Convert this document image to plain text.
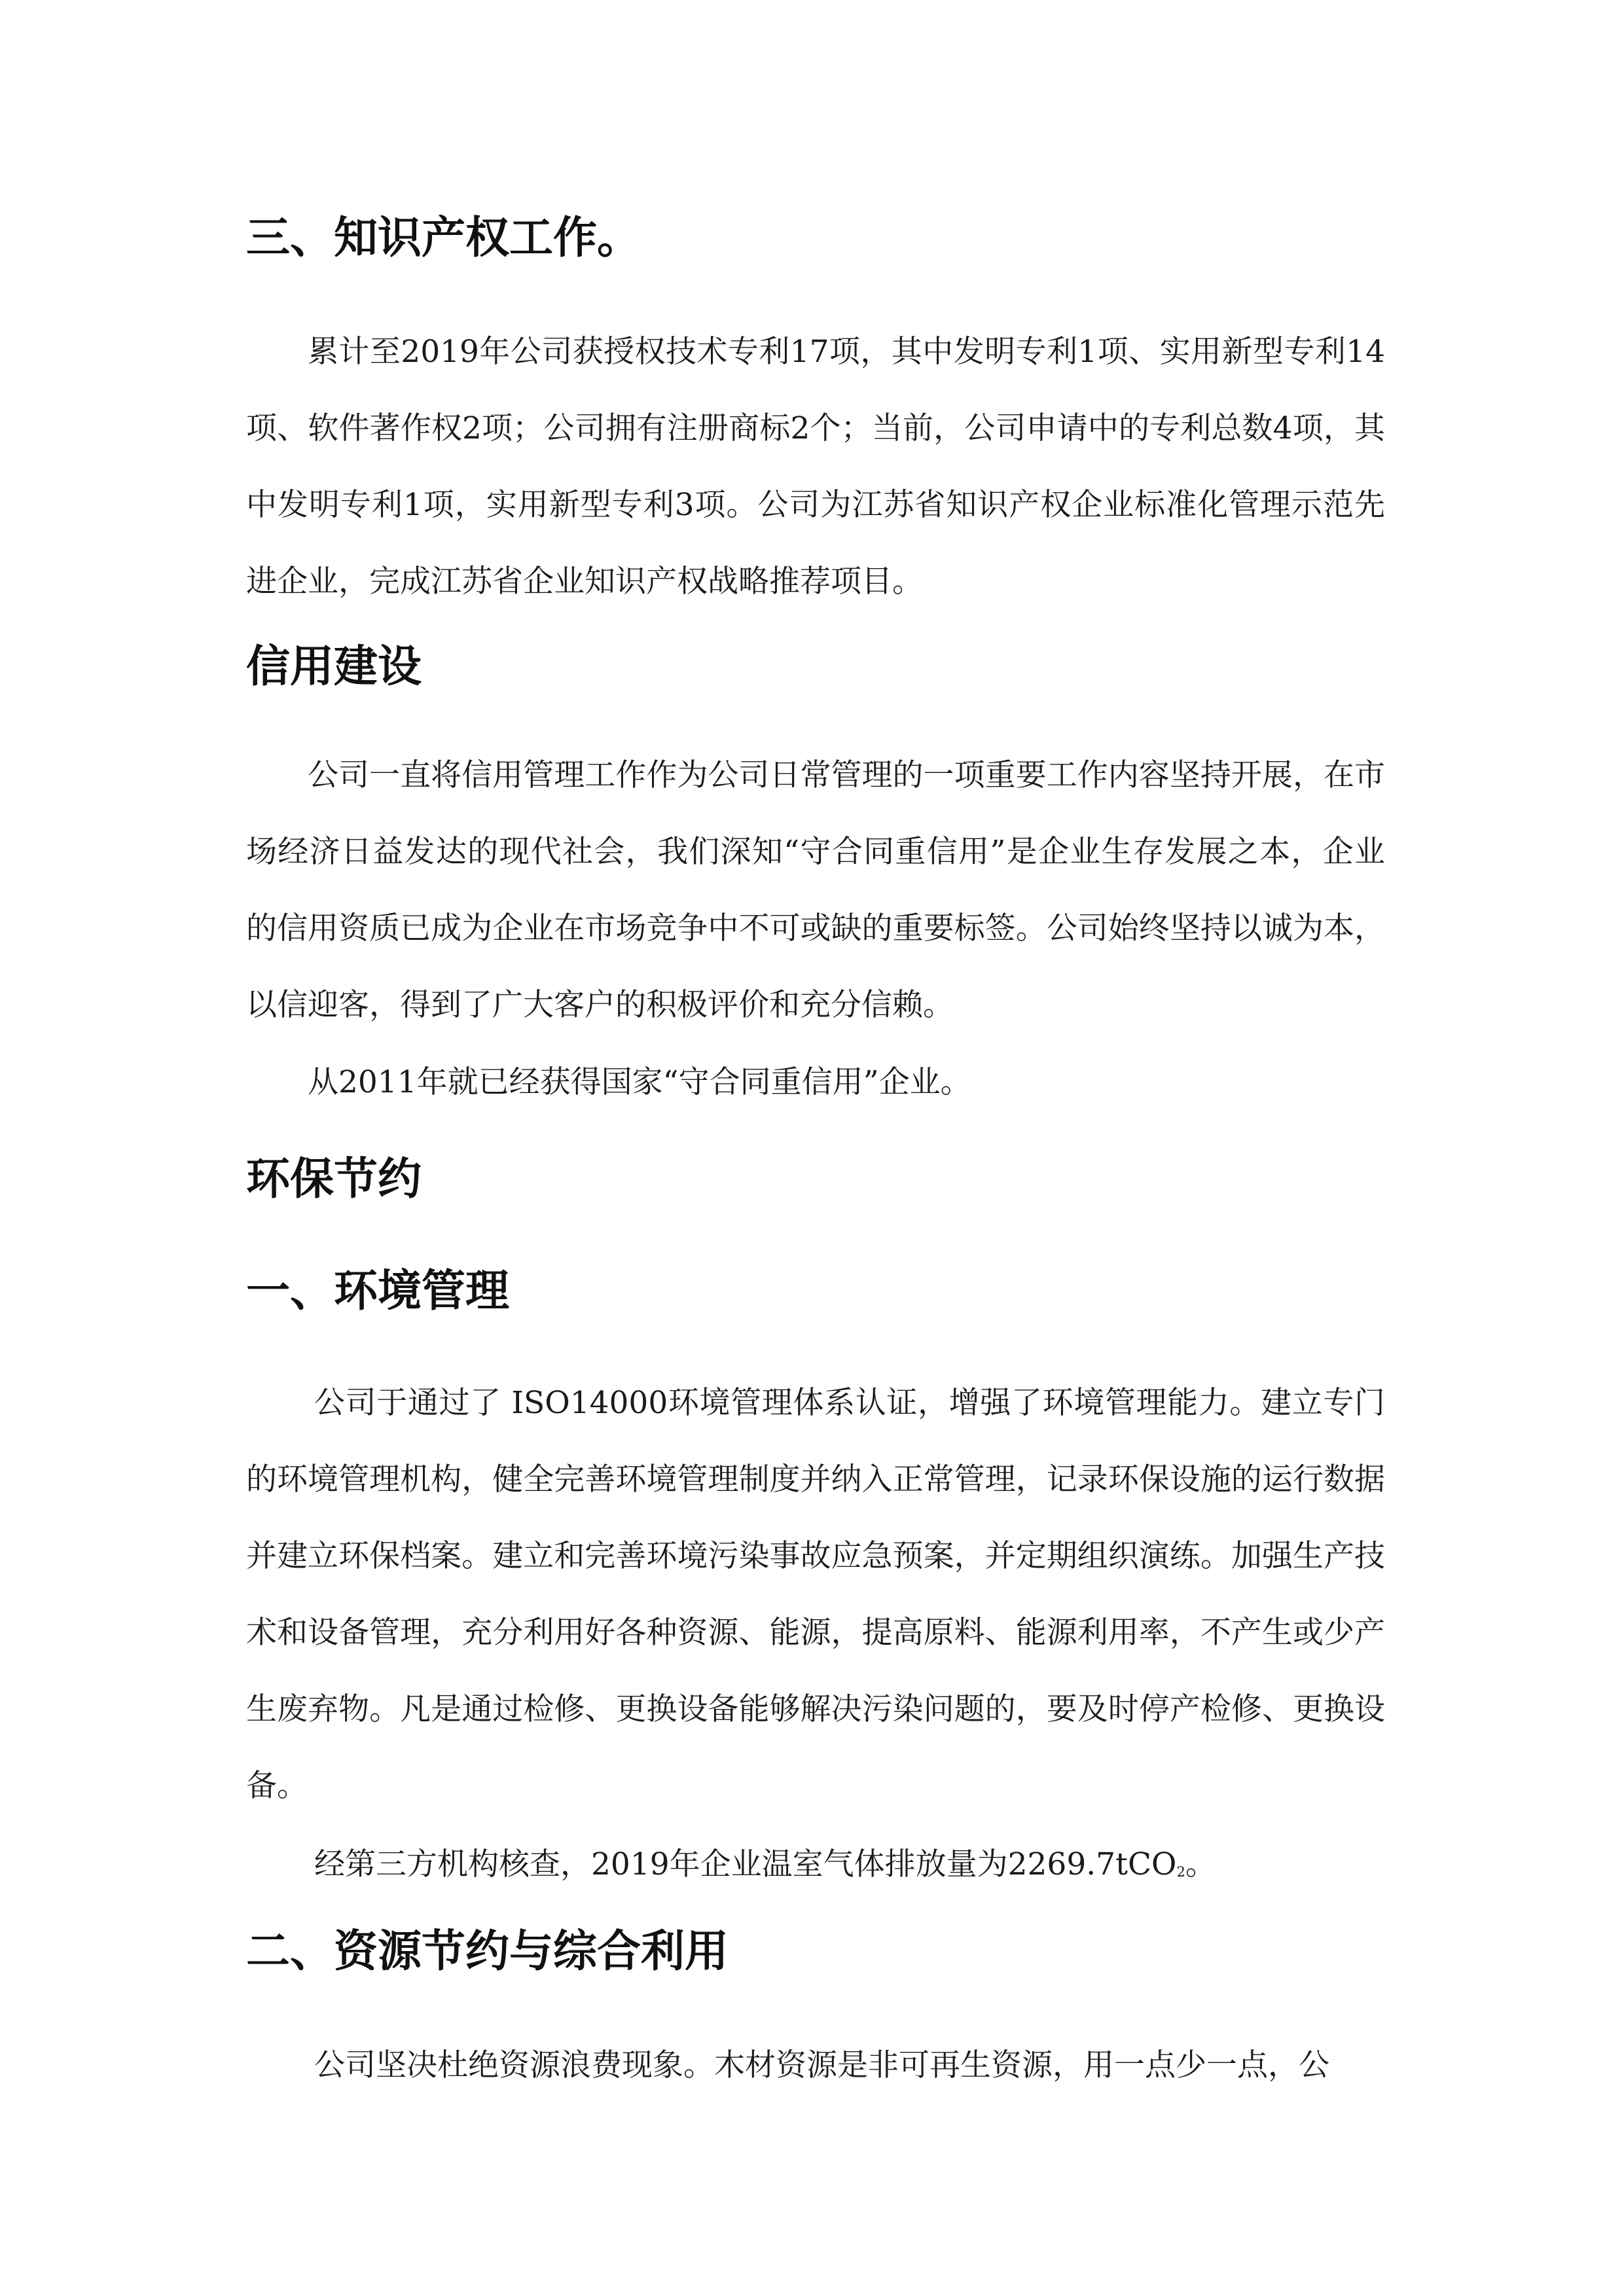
三、知识产权工作。

累计至2019年公司获授权技术专利17项，其中发明专利1项、实用新型专利14项、软件著作权2项；公司拥有注册商标2个；当前，公司申请中的专利总数4项，其中发明专利1项，实用新型专利3项。公司为江苏省知识产权企业标准化管理示范先进企业，完成江苏省企业知识产权战略推荐项目。

信用建设

公司一直将信用管理工作作为公司日常管理的一项重要工作内容坚持开展，在市场经济日益发达的现代社会，我们深知“守合同重信用”是企业生存发展之本，企业的信用资质已成为企业在市场竞争中不可或缺的重要标签。公司始终坚持以诚为本，以信迎客，得到了广大客户的积极评价和充分信赖。

从2011年就已经获得国家“守合同重信用”企业。

环保节约
一、环境管理

公司于通过了 ISO14000环境管理体系认证，增强了环境管理能力。建立专门的环境管理机构，健全完善环境管理制度并纳入正常管理，记录环保设施的运行数据并建立环保档案。建立和完善环境污染事故应急预案，并定期组织演练。加强生产技术和设备管理，充分利用好各种资源、能源，提高原料、能源利用率，不产生或少产生废弃物。凡是通过检修、更换设备能够解决污染问题的，要及时停产检修、更换设备。

经第三方机构核查，2019年企业温室气体排放量为2269.7tCO$_2$。

二、资源节约与综合利用

公司坚决杜绝资源浪费现象。木材资源是非可再生资源，用一点少一点，公
